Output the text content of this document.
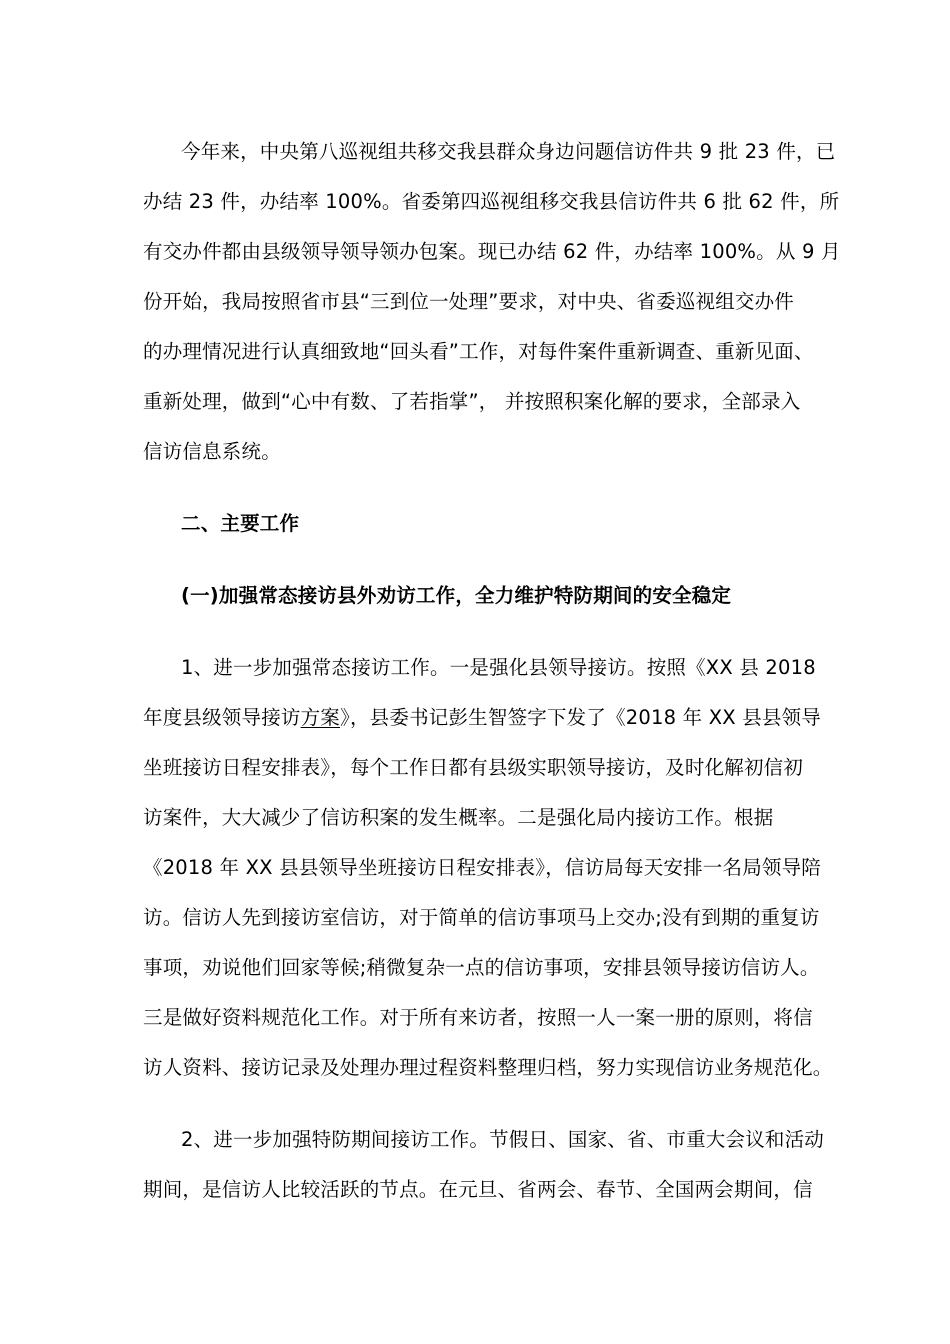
今年来，中央第八巡视组共移交我县群众身边问题信访件共 9 批 23 件，已
办结 23 件，办结率 100%。省委第四巡视组移交我县信访件共 6 批 62 件，所
有交办件都由县级领导领导领办包案。现已办结 62 件，办结率 100%。从 9 月
份开始，我局按照省市县“三到位一处理”要求，对中央、省委巡视组交办件
的办理情况进行认真细致地“回头看”工作，对每件案件重新调查、重新见面、
重新处理，做到“心中有数、了若指掌”， 并按照积案化解的要求，全部录入
信访信息系统。
二、主要工作
(一)加强常态接访县外劝访工作，全力维护特防期间的安全稳定
1、进一步加强常态接访工作。一是强化县领导接访。按照《XX 县 2018
年度县级领导接访方案》，县委书记彭生智签字下发了《2018 年 XX 县县领导
坐班接访日程安排表》，每个工作日都有县级实职领导接访，及时化解初信初
访案件，大大减少了信访积案的发生概率。二是强化局内接访工作。根据
《2018 年 XX 县县领导坐班接访日程安排表》，信访局每天安排一名局领导陪
访。信访人先到接访室信访，对于简单的信访事项马上交办;没有到期的重复访
事项，劝说他们回家等候;稍微复杂一点的信访事项，安排县领导接访信访人。
三是做好资料规范化工作。对于所有来访者，按照一人一案一册的原则，将信
访人资料、接访记录及处理办理过程资料整理归档，努力实现信访业务规范化。
2、进一步加强特防期间接访工作。节假日、国家、省、市重大会议和活动
期间，是信访人比较活跃的节点。在元旦、省两会、春节、全国两会期间，信
